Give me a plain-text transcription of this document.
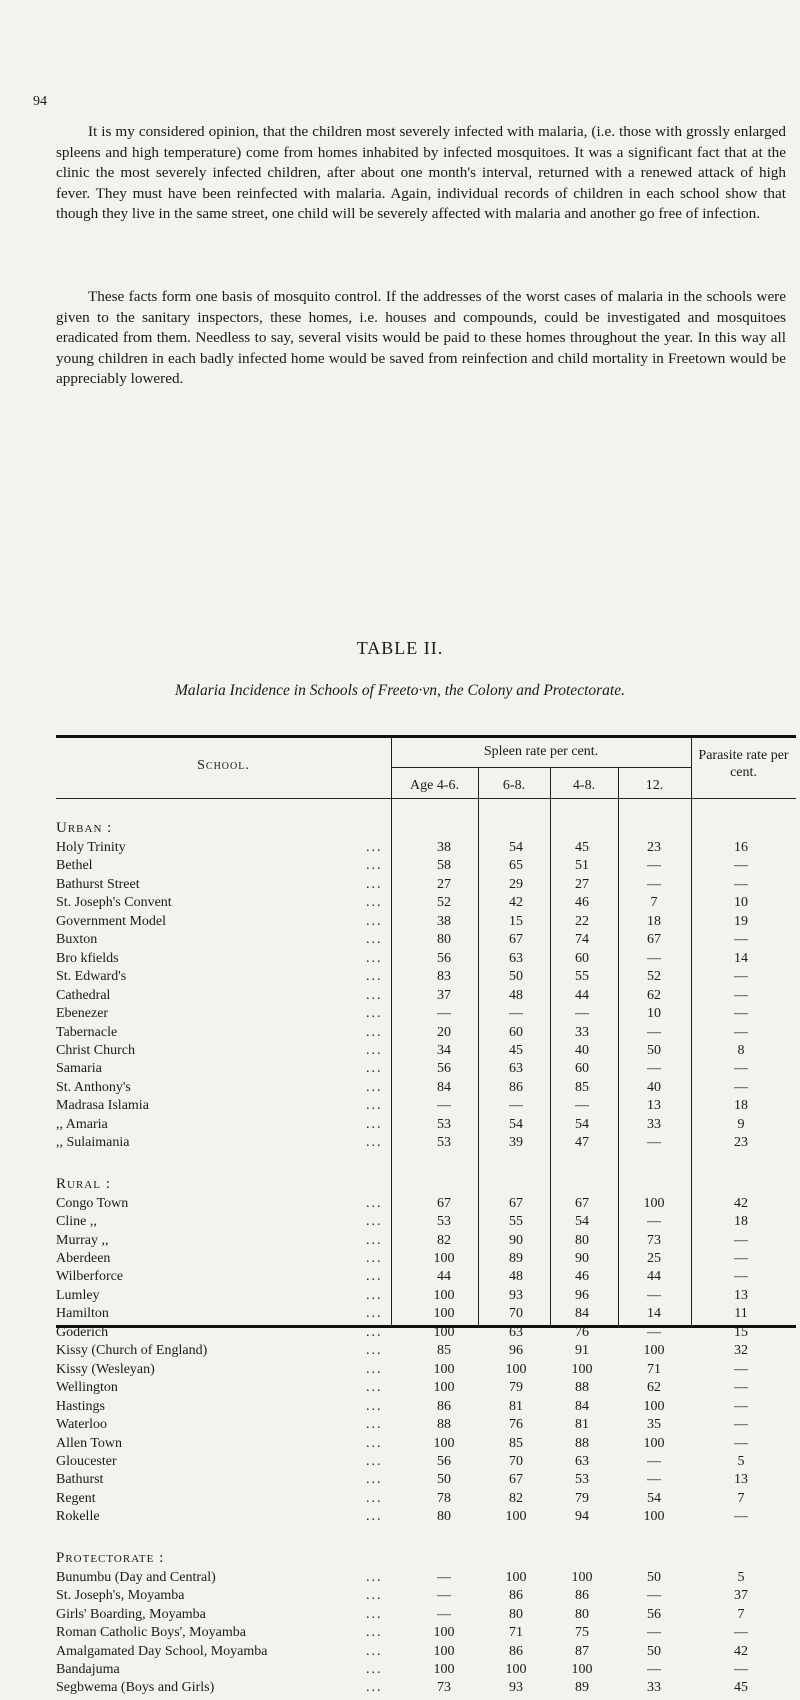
94

It is my considered opinion, that the children most severely infected with malaria, (i.e. those with grossly enlarged spleens and high temperature) come from homes inhabited by infected mosquitoes. It was a significant fact that at the clinic the most severely infected children, after about one month's interval, returned with a renewed attack of high fever. They must have been reinfected with malaria. Again, individual records of children in each school show that though they live in the same street, one child will be severely affected with malaria and another go free of infection.

These facts form one basis of mosquito control. If the addresses of the worst cases of malaria in the schools were given to the sanitary inspectors, these homes, i.e. houses and compounds, could be investigated and mosquitoes eradicated from them. Needless to say, several visits would be paid to these homes throughout the year. In this way all young children in each badly infected home would be saved from reinfection and child mortality in Freetown would be appreciably lowered.

TABLE II.
Malaria Incidence in Schools of Freeto·vn, the Colony and Protectorate.
School.
Spleen rate per cent.
Age 4-6.	6-8.	4-8.	12.
Parasite rate per cent.
Urban :
Holy Trinity	...	38	54	45	23	16
Bethel	...	58	65	51	—	—
Bathurst Street	...	27	29	27	—	—
St. Joseph's Convent	...	52	42	46	7	10
Government Model	...	38	15	22	18	19
Buxton	...	80	67	74	67	—
Bro kfields	...	56	63	60	—	14
St. Edward's	...	83	50	55	52	—
Cathedral	...	37	48	44	62	—
Ebenezer	...	—	—	—	10	—
Tabernacle	...	20	60	33	—	—
Christ Church	...	34	45	40	50	8
Samaria	...	56	63	60	—	—
St. Anthony's	...	84	86	85	40	—
Madrasa Islamia	...	—	—	—	13	18
,, Amaria	...	53	54	54	33	9
,, Sulaimania	...	53	39	47	—	23
Rural :
Congo Town	...	67	67	67	100	42
Cline ,,	...	53	55	54	—	18
Murray ,,	...	82	90	80	73	—
Aberdeen	...	100	89	90	25	—
Wilberforce	...	44	48	46	44	—
Lumley	...	100	93	96	—	13
Hamilton	...	100	70	84	14	11
Goderich	...	100	63	76	—	15
Kissy (Church of England)	...	85	96	91	100	32
Kissy (Wesleyan)	...	100	100	100	71	—
Wellington	...	100	79	88	62	—
Hastings	...	86	81	84	100	—
Waterloo	...	88	76	81	35	—
Allen Town	...	100	85	88	100	—
Gloucester	...	56	70	63	—	5
Bathurst	...	50	67	53	—	13
Regent	...	78	82	79	54	7
Rokelle	...	80	100	94	100	—
Protectorate :
Bunumbu (Day and Central)	...	—	100	100	50	5
St. Joseph's, Moyamba	...	—	86	86	—	37
Girls' Boarding, Moyamba	...	—	80	80	56	7
Roman Catholic Boys', Moyamba	...	100	71	75	—	—
Amalgamated Day School, Moyamba	...	100	86	87	50	42
Bandajuma	...	100	100	100	—	—
Segbwema (Boys and Girls)	...	73	93	89	33	45
